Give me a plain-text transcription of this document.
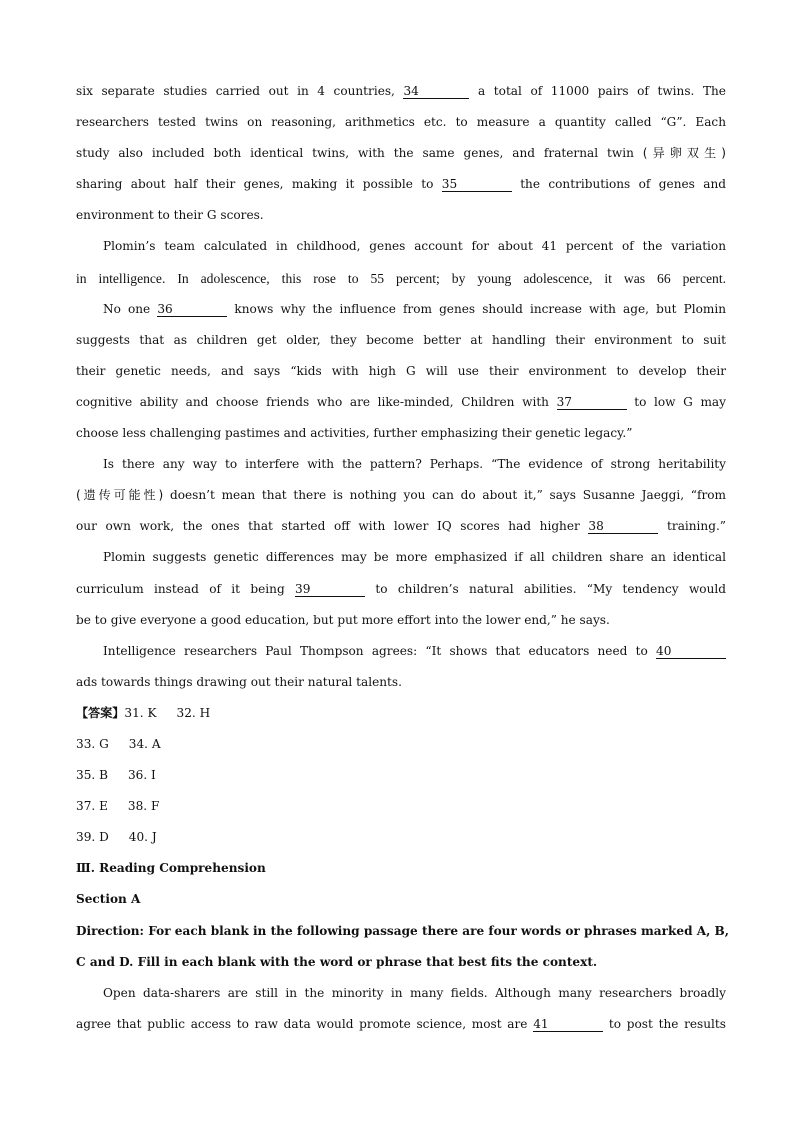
six separate studies carried out in 4 countries, 34	a total of 11000 pairs of twins. The
researchers tested twins on reasoning, arithmetics etc. to measure a quantity called “G”. Each
study also included both identical twins, with the same genes, and fraternal twin (异卵双生)
sharing about half their genes, making it possible to 35	the contributions of genes and
environment to their G scores.
Plomin’s team calculated in childhood, genes account for about 41 percent of the variation
in intelligence. In adolescence, this rose to 55 percent; by young adolescence, it was 66 percent.
No one 36	knows why the influence from genes should increase with age, but Plomin
suggests that as children get older, they become better at handling their environment to suit
their genetic needs, and says “kids with high G will use their environment to develop their
cognitive ability and choose friends who are like-minded, Children with 37	to low G may
choose less challenging pastimes and activities, further emphasizing their genetic legacy.”
Is there any way to interfere with the pattern? Perhaps. “The evidence of strong heritability
(遗传可能性) doesn’t mean that there is nothing you can do about it,” says Susanne Jaeggi, “from
our own work, the ones that started off with lower IQ scores had higher 38	training.”
Plomin suggests genetic differences may be more emphasized if all children share an identical
curriculum instead of it being 39	to children’s natural abilities. “My tendency would
be to give everyone a good education, but put more effort into the lower end,” he says.
Intelligence researchers Paul Thompson agrees: “It shows that educators need to 40
ads towards things drawing out their natural talents.
【答案】31. K 32. H
33. G 34. A
35. B 36. I
37. E 38. F
39. D 40. J
Ⅲ. Reading Comprehension
Section A
Direction: For each blank in the following passage there are four words or phrases marked A, B,
C and D. Fill in each blank with the word or phrase that best fits the context.
Open data-sharers are still in the minority in many fields. Although many researchers broadly
agree that public access to raw data would promote science, most are 41	to post the results
